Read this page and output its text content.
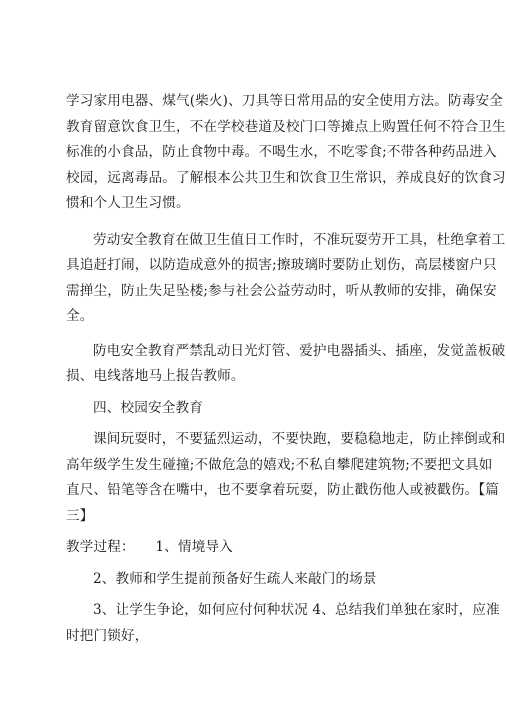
学习家用电器、煤气(柴火)、刀具等日常用品的安全使用方法。防毒安全
教育留意饮食卫生，不在学校巷道及校门口等摊点上购置任何不符合卫生
标准的小食品，防止食物中毒。不喝生水，不吃零食;不带各种药品进入
校园，远离毒品。了解根本公共卫生和饮食卫生常识，养成良好的饮食习
惯和个人卫生习惯。
劳动安全教育在做卫生值日工作时，不准玩耍劳开工具，杜绝拿着工
具追赶打闹，以防造成意外的损害;擦玻璃时要防止划伤，高层楼窗户只
需掸尘，防止失足坠楼;参与社会公益劳动时，听从教师的安排，确保安
全。
防电安全教育严禁乱动日光灯管、爱护电器插头、插座，发觉盖板破
损、电线落地马上报告教师。
四、校园安全教育
课间玩耍时，不要猛烈运动，不要快跑，要稳稳地走，防止摔倒或和
高年级学生发生碰撞;不做危急的嬉戏;不私自攀爬建筑物;不要把文具如
直尺、铅笔等含在嘴中，也不要拿着玩耍，防止戳伤他人或被戳伤。【篇
三】
教学过程：　　1、情境导入
2、教师和学生提前预备好生疏人来敲门的场景
3、让学生争论，如何应付何种状况 4、总结我们单独在家时，应准
时把门锁好，
